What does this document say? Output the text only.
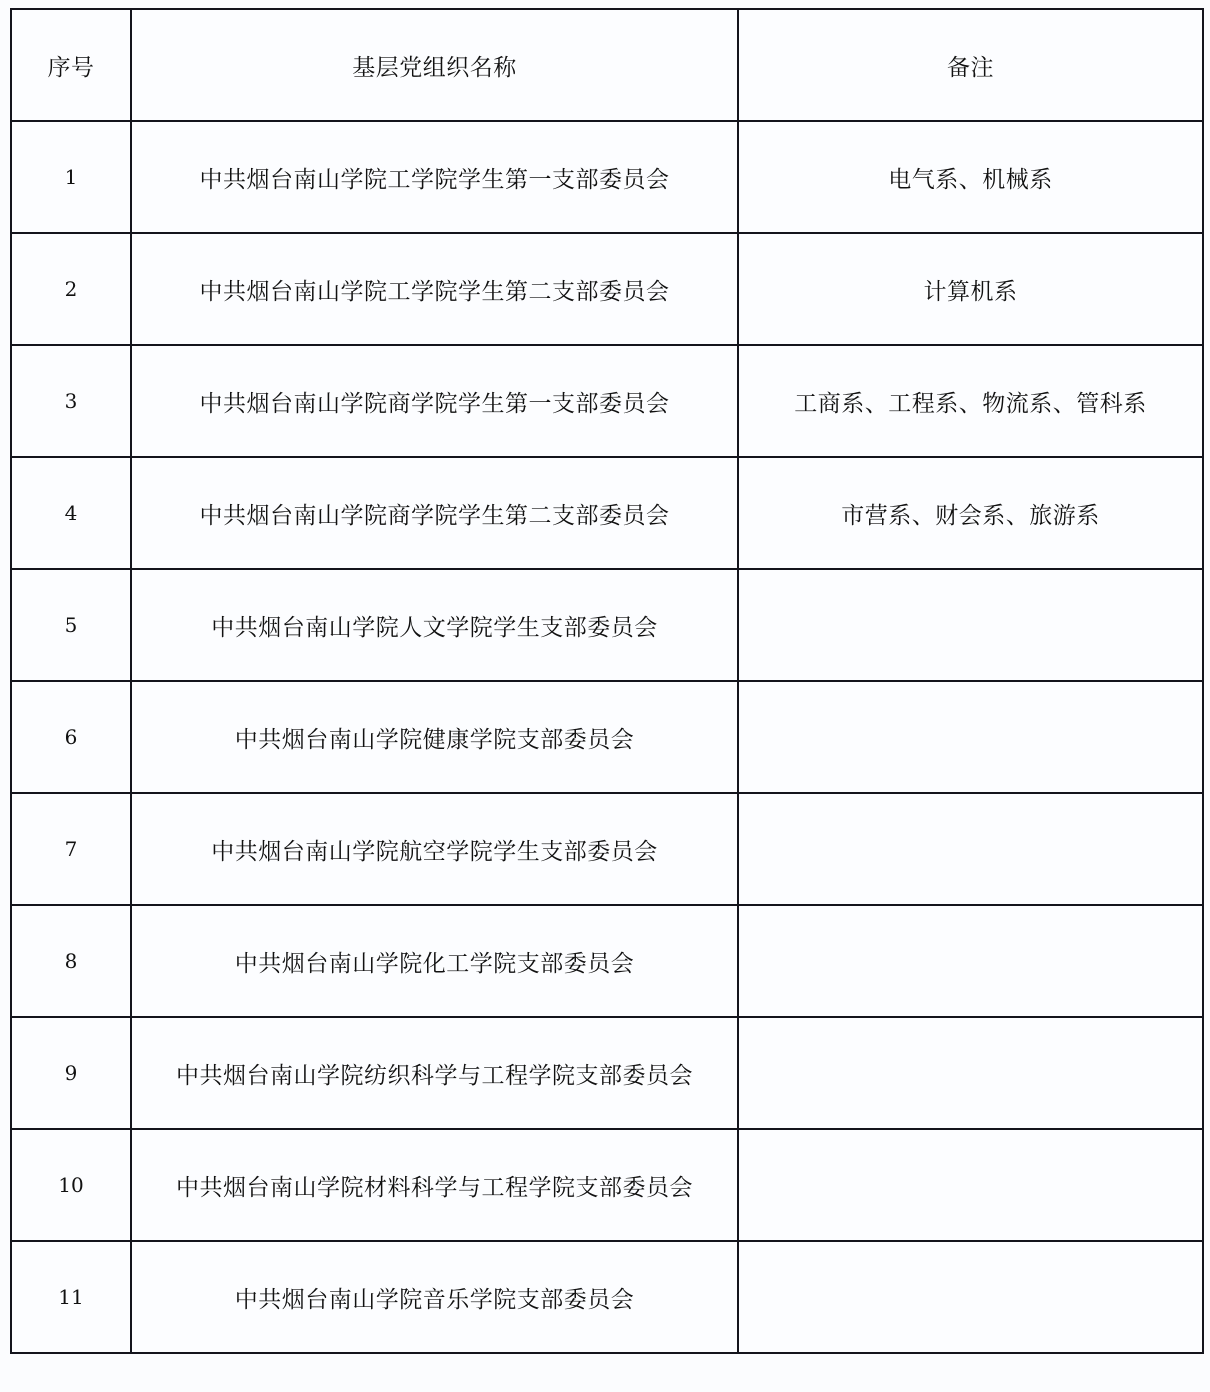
序号	基层党组织名称	备注
1	中共烟台南山学院工学院学生第一支部委员会	电气系、机械系
2	中共烟台南山学院工学院学生第二支部委员会	计算机系
3	中共烟台南山学院商学院学生第一支部委员会	工商系、工程系、物流系、管科系
4	中共烟台南山学院商学院学生第二支部委员会	市营系、财会系、旅游系
5	中共烟台南山学院人文学院学生支部委员会	
6	中共烟台南山学院健康学院支部委员会	
7	中共烟台南山学院航空学院学生支部委员会	
8	中共烟台南山学院化工学院支部委员会	
9	中共烟台南山学院纺织科学与工程学院支部委员会	
10	中共烟台南山学院材料科学与工程学院支部委员会	
11	中共烟台南山学院音乐学院支部委员会	
